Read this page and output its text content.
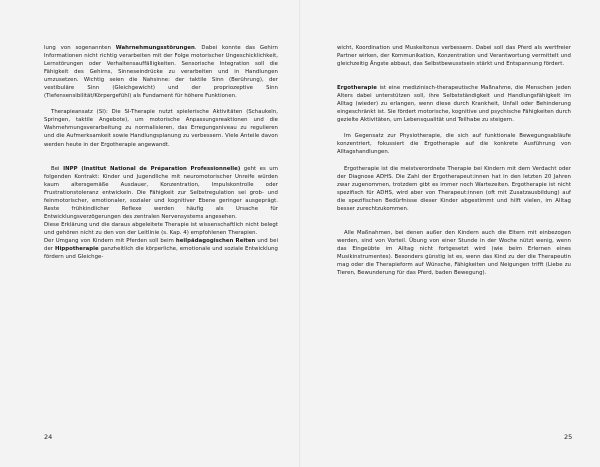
lung von sogenannten Wahrnehmungsstörungen. Dabei konnte das Gehirn Informationen nicht richtig verarbeiten mit der Folge motorischer Ungeschicklichkeit, Lernstörungen oder Verhaltensauffälligkeiten. Sensorische Integration soll die Fähigkeit des Gehirns, Sinneseindrücke zu verarbeiten und in Handlungen umzusetzen. Wichtig seien die Nahsinne: der taktile Sinn (Berührung), der vestibuläre Sinn (Gleichgewicht) und der propriozeptive Sinn (Tiefensensibilität/Körpergefühl) als Fundament für höhere Funktionen.

Therapieansatz (SI): Die SI-Therapie nutzt spielerische Aktivitäten (Schaukeln, Springen, taktile Angebote), um motorische Anpassungsreaktionen und die Wahrnehmungsverarbeitung zu normalisieren, das Erregungsniveau zu regulieren und die Aufmerksamkeit sowie Handlungsplanung zu verbessern. Viele Anteile davon werden heute in der Ergotherapie angewandt.

Bei INPP (Institut National de Préparation Professionnelle) geht es um folgenden Kontrakt: Kinder und Jugendliche mit neuromotorischer Unreife würden kaum altersgemäße Ausdauer, Konzentration, Impulskontrolle oder Frustrationstoleranz entwickeln. Die Fähigkeit zur Selbstregulation sei grob- und feinmotorischer, emotionaler, sozialer und kognitiver Ebene geringer ausgeprägt. Reste frühkindlicher Reflexe werden häufig als Ursache für Entwicklungsverzögerungen des zentralen Nervensystems angesehen.

Diese Erklärung und die daraus abgeleitete Therapie ist wissenschaftlich nicht belegt und gehören nicht zu den von der Leitlinie (s. Kap. 4) empfohlenen Therapien.

Der Umgang von Kindern mit Pferden soll beim heilpädagogischen Reiten und bei der Hippotherapie ganzheitlich die körperliche, emotionale und soziale Entwicklung fördern und Gleichge-

wicht, Koordination und Muskeltonus verbessern. Dabei soll das Pferd als wertfreier Partner wirken, der Kommunikation, Konzentration und Verantwortung vermittelt und gleichzeitig Ängste abbaut, das Selbstbewusstsein stärkt und Entspannung fördert.

Ergotherapie ist eine medizinisch-therapeutische Maßnahme, die Menschen jeden Alters dabei unterstützen soll, ihre Selbstständigkeit und Handlungsfähigkeit im Alltag (wieder) zu erlangen, wenn diese durch Krankheit, Unfall oder Behinderung eingeschränkt ist. Sie fördert motorische, kognitive und psychische Fähigkeiten durch gezielte Aktivitäten, um Lebensqualität und Teilhabe zu steigern.

Im Gegensatz zur Physiotherapie, die sich auf funktionale Bewegungsabläufe konzentriert, fokussiert die Ergotherapie auf die konkrete Ausführung von Alltagshandlungen.

Ergotherapie ist die meistverordnete Therapie bei Kindern mit dem Verdacht oder der Diagnose ADHS. Die Zahl der Ergotherapeut:innen hat in den letzten 20 Jahren zwar zugenommen, trotzdem gibt es immer noch Wartezeiten. Ergotherapie ist nicht spezifisch für ADHS, wird aber von Therapeut:innen (oft mit Zusatzausbildung) auf die spezifischen Bedürfnisse dieser Kinder abgestimmt und hilft vielen, im Alltag besser zurechtzukommen.

Alle Maßnahmen, bei denen außer den Kindern auch die Eltern mit einbezogen werden, sind von Vorteil. Übung von einer Stunde in der Woche nützt wenig, wenn das Eingeübte im Alltag nicht fortgesetzt wird (wie beim Erlernen eines Musikinstrumentes). Besonders günstig ist es, wenn das Kind zu der die Therapeutin mag oder die Therapieform auf Wünsche, Fähigkeiten und Neigungen trifft (Liebe zu Tieren, Bewunderung für das Pferd, baden Bewegung).

24	25
